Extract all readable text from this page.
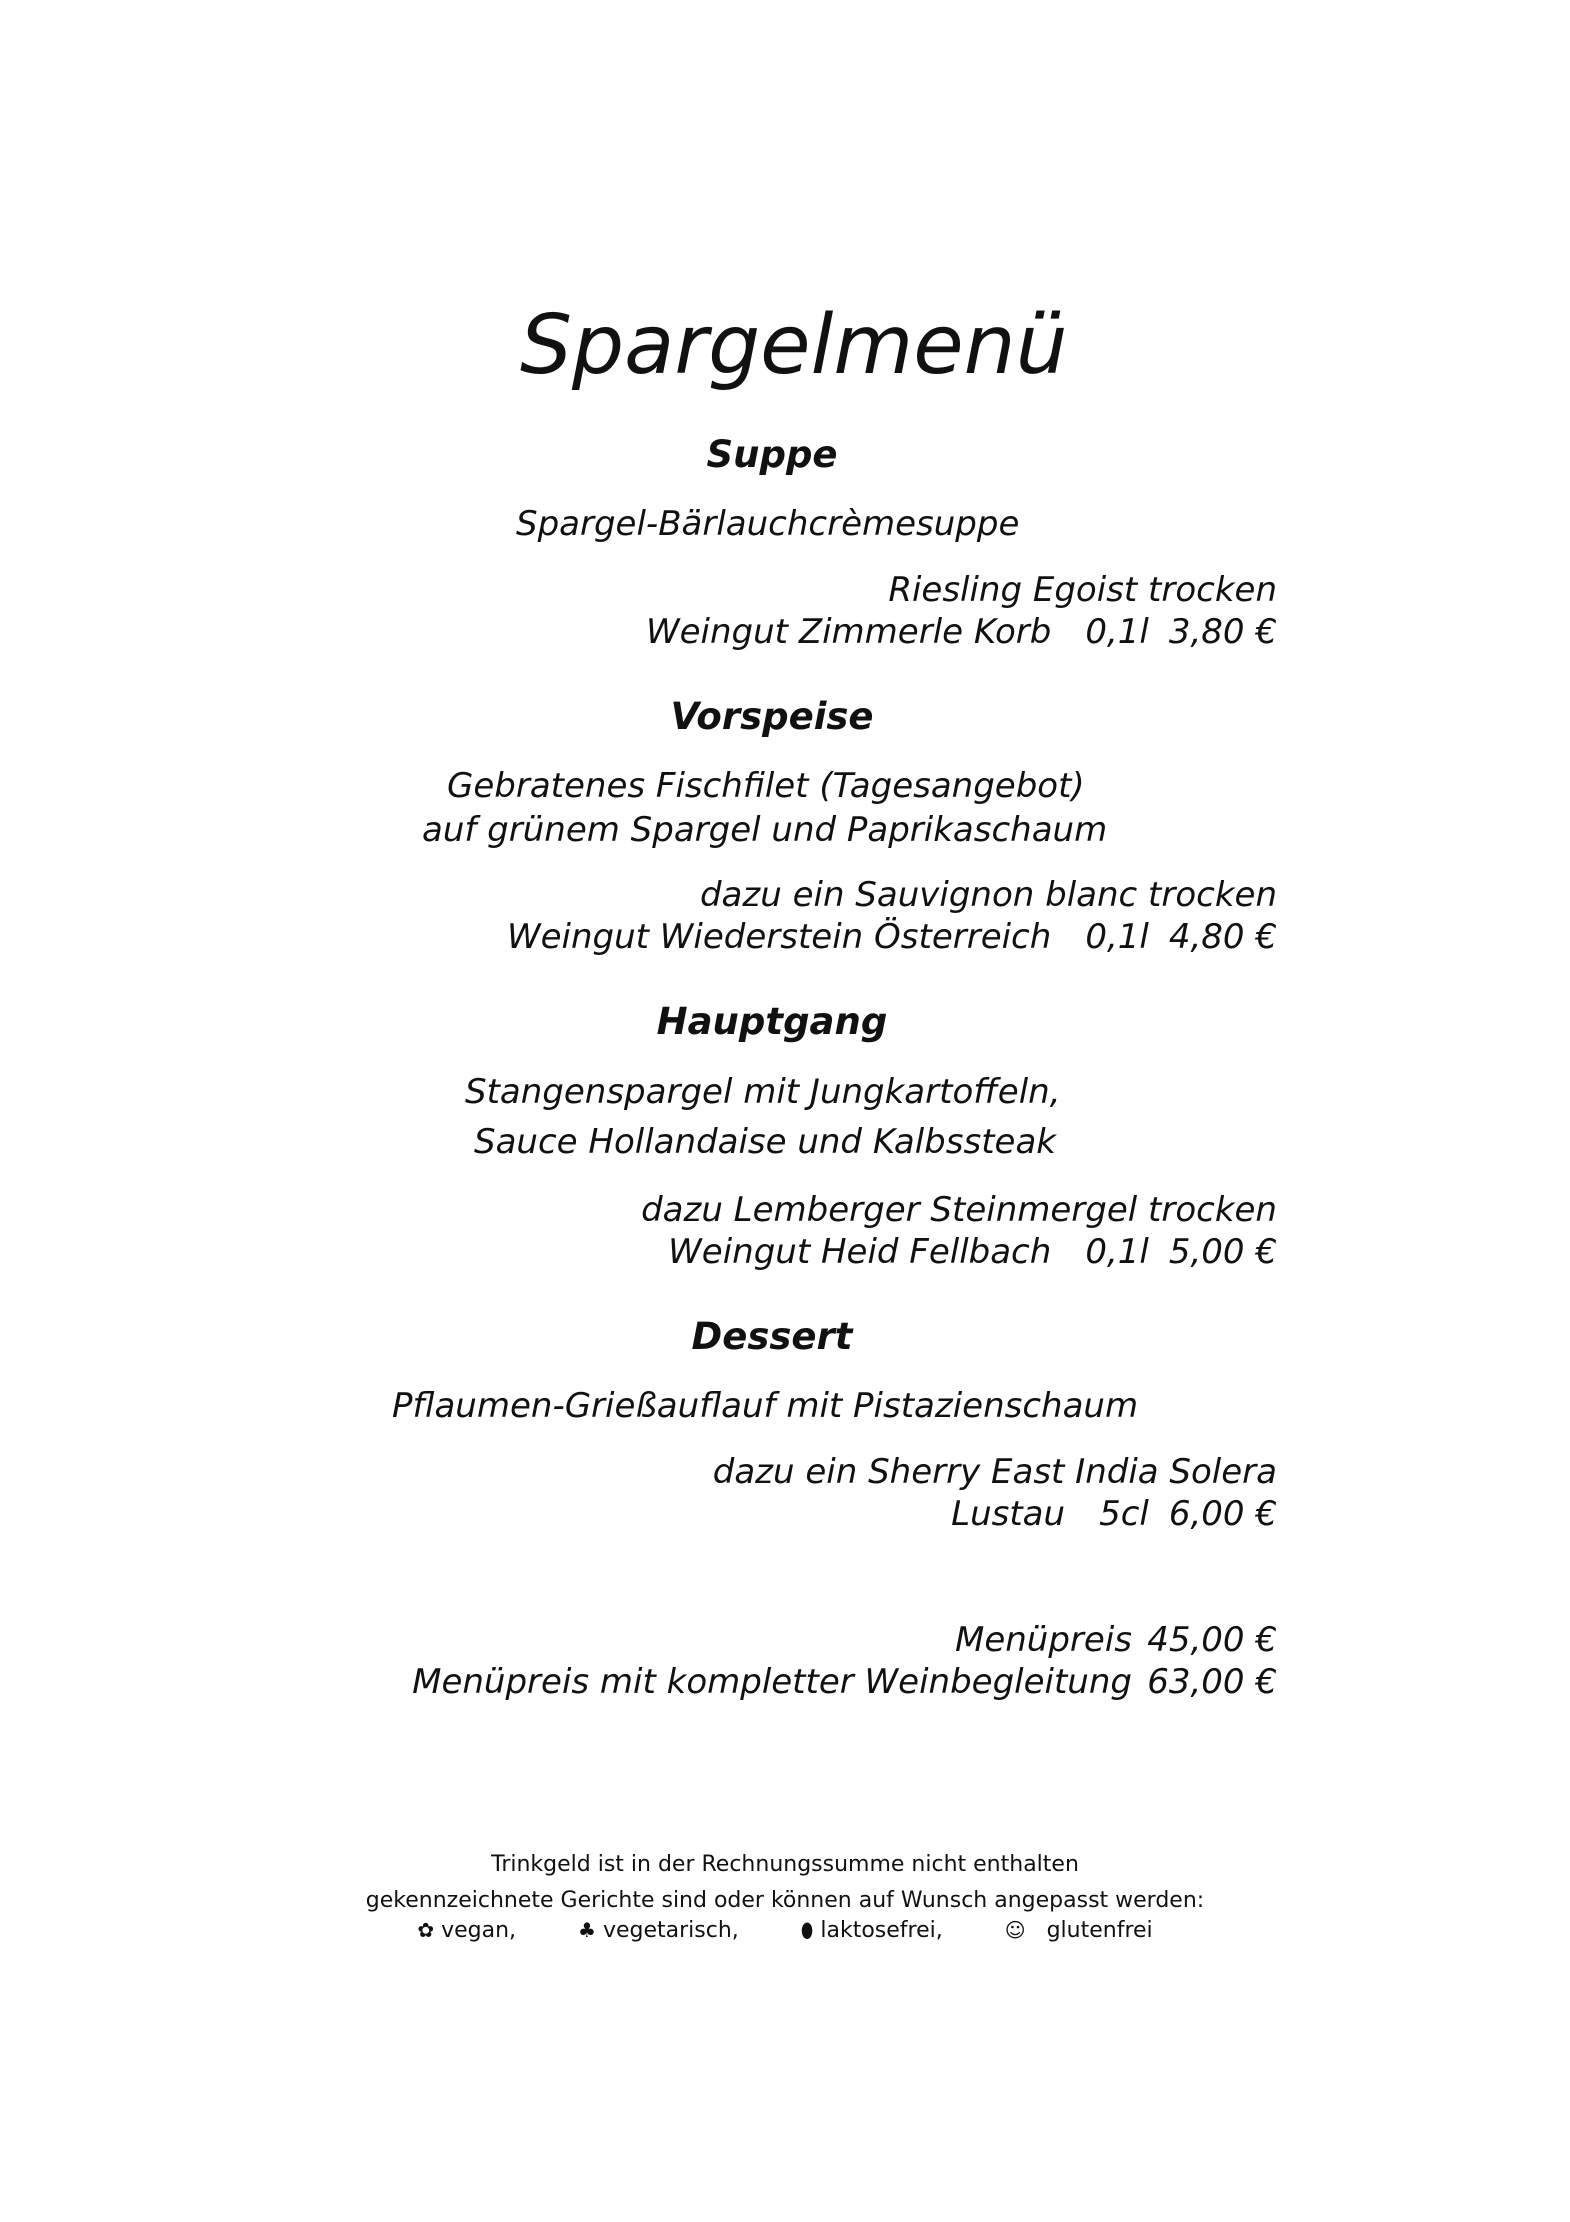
Spargelmenü
Suppe
Spargel-Bärlauchcrèmesuppe
Riesling Egoist trocken
Weingut Zimmerle Korb 0,1l 3,80 €
Vorspeise
Gebratenes Fischfilet (Tagesangebot)
auf grünem Spargel und Paprikaschaum
dazu ein Sauvignon blanc trocken
Weingut Wiederstein Österreich 0,1l 4,80 €
Hauptgang
Stangenspargel mit Jungkartoffeln,
Sauce Hollandaise und Kalbssteak
dazu Lemberger Steinmergel trocken
Weingut Heid Fellbach 0,1l 5,00 €
Dessert
Pflaumen-Grießauflauf mit Pistazienschaum
dazu ein Sherry East India Solera
Lustau 5cl 6,00 €
Menüpreis 45,00 €
Menüpreis mit kompletter Weinbegleitung 63,00 €
Trinkgeld ist in der Rechnungssumme nicht enthalten
gekennzeichnete Gerichte sind oder können auf Wunsch angepasst werden:
✿ vegan,	♣ vegetarisch,	⬮ laktosefrei,	☺ glutenfrei
